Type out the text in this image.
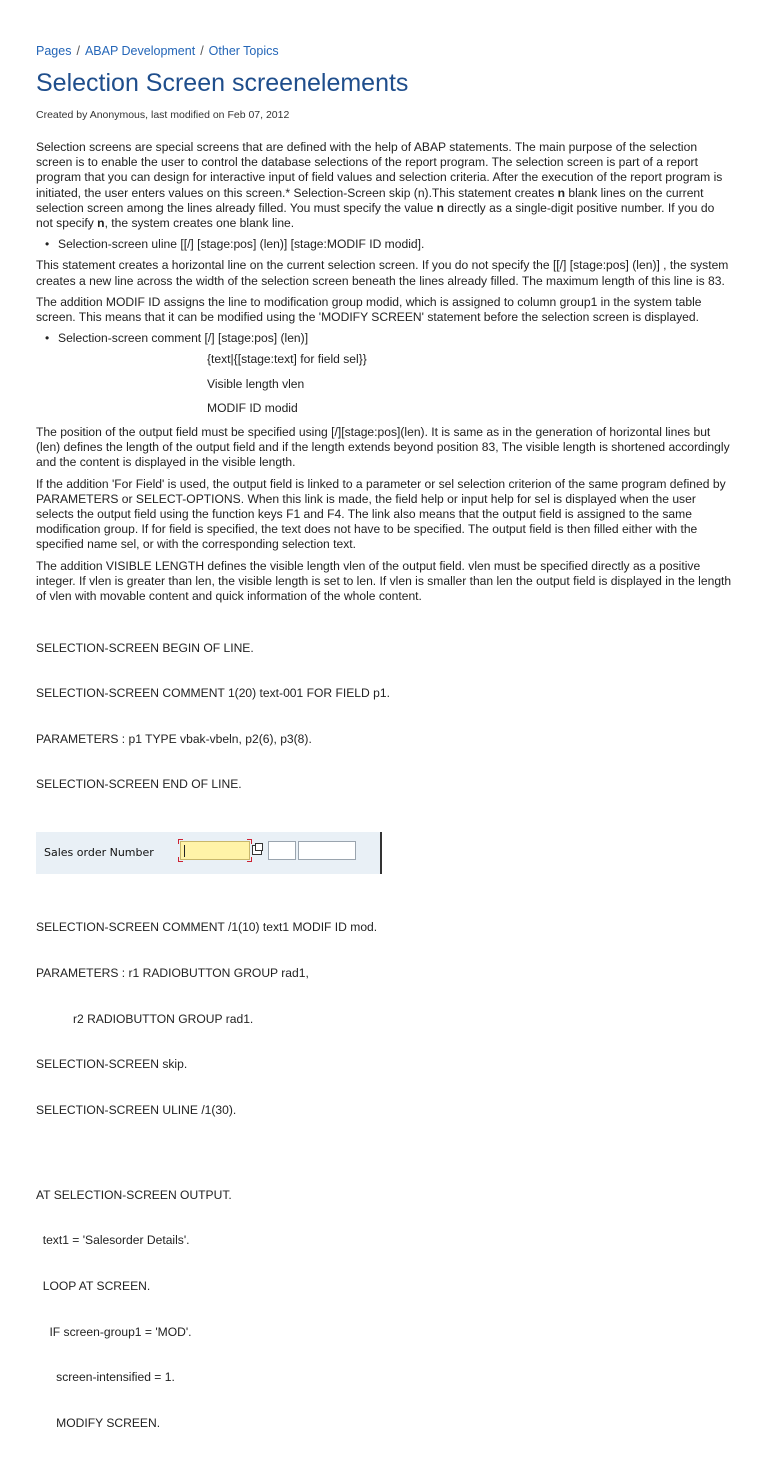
Pages / ABAP Development / Other Topics
Selection Screen screenelements
Created by Anonymous, last modified on Feb 07, 2012

Selection screens are special screens that are defined with the help of ABAP statements. The main purpose of the selection screen is to enable the user to control the database selections of the report program. The selection screen is part of a report program that you can design for interactive input of field values and selection criteria. After the execution of the report program is initiated, the user enters values on this screen.* Selection-Screen skip (n).This statement creates n blank lines on the current selection screen among the lines already filled. You must specify the value n directly as a single-digit positive number. If you do not specify n, the system creates one blank line.

• Selection-screen uline [[/] [stage:pos] (len)] [stage:MODIF ID modid].

This statement creates a horizontal line on the current selection screen. If you do not specify the [[/] [stage:pos] (len)] , the system creates a new line across the width of the selection screen beneath the lines already filled. The maximum length of this line is 83.

The addition MODIF ID assigns the line to modification group modid, which is assigned to column group1 in the system table screen. This means that it can be modified using the 'MODIFY SCREEN' statement before the selection screen is displayed.

• Selection-screen comment [/] [stage:pos] (len)]

{text|{[stage:text] for field sel}}

Visible length vlen

MODIF ID modid

The position of the output field must be specified using [/][stage:pos](len). It is same as in the generation of horizontal lines but (len) defines the length of the output field and if the length extends beyond position 83, The visible length is shortened accordingly and the content is displayed in the visible length.

If the addition 'For Field' is used, the output field is linked to a parameter or sel selection criterion of the same program defined by PARAMETERS or SELECT-OPTIONS. When this link is made, the field help or input help for sel is displayed when the user selects the output field using the function keys F1 and F4. The link also means that the output field is assigned to the same modification group. If for field is specified, the text does not have to be specified. The output field is then filled either with the specified name sel, or with the corresponding selection text.

The addition VISIBLE LENGTH defines the visible length vlen of the output field. vlen must be specified directly as a positive integer. If vlen is greater than len, the visible length is set to len. If vlen is smaller than len the output field is displayed in the length of vlen with movable content and quick information of the whole content.

SELECTION-SCREEN BEGIN OF LINE.

SELECTION-SCREEN COMMENT 1(20) text-001 FOR FIELD p1.

PARAMETERS : p1 TYPE vbak-vbeln, p2(6), p3(8).

SELECTION-SCREEN END OF LINE.

Sales order Number

SELECTION-SCREEN COMMENT /1(10) text1 MODIF ID mod.

PARAMETERS : r1 RADIOBUTTON GROUP rad1,

r2 RADIOBUTTON GROUP rad1.

SELECTION-SCREEN skip.

SELECTION-SCREEN ULINE /1(30).

AT SELECTION-SCREEN OUTPUT.

text1 = 'Salesorder Details'.

LOOP AT SCREEN.

IF screen-group1 = 'MOD'.

screen-intensified = 1.

MODIFY SCREEN.
